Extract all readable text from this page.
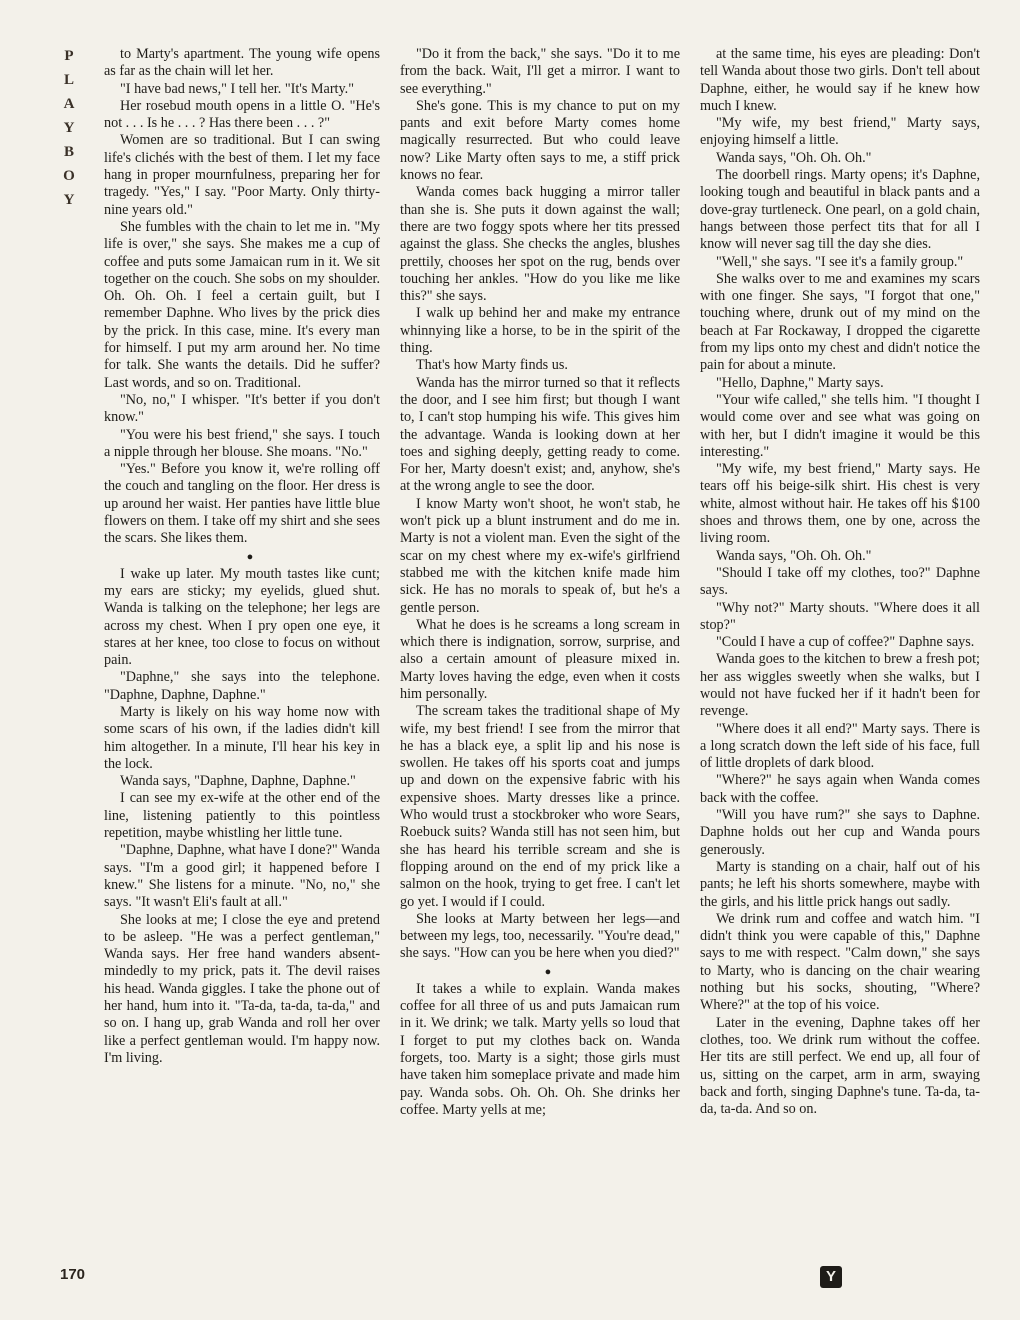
P
L
A
Y
B
O
Y

to Marty's apartment. The young wife opens as far as the chain will let her.

"I have bad news," I tell her. "It's Marty."

Her rosebud mouth opens in a little O. "He's not . . . Is he . . . ? Has there been . . . ?"

Women are so traditional. But I can swing life's clichés with the best of them. I let my face hang in proper mournfulness, preparing her for tragedy. "Yes," I say. "Poor Marty. Only thirty-nine years old."

She fumbles with the chain to let me in. "My life is over," she says. She makes me a cup of coffee and puts some Jamaican rum in it. We sit together on the couch. She sobs on my shoulder. Oh. Oh. Oh. I feel a certain guilt, but I remember Daphne. Who lives by the prick dies by the prick. In this case, mine. It's every man for himself. I put my arm around her. No time for talk. She wants the details. Did he suffer? Last words, and so on. Traditional.

"No, no," I whisper. "It's better if you don't know."

"You were his best friend," she says. I touch a nipple through her blouse. She moans. "No."

"Yes." Before you know it, we're rolling off the couch and tangling on the floor. Her dress is up around her waist. Her panties have little blue flowers on them. I take off my shirt and she sees the scars. She likes them.

●

I wake up later. My mouth tastes like cunt; my ears are sticky; my eyelids, glued shut. Wanda is talking on the telephone; her legs are across my chest. When I pry open one eye, it stares at her knee, too close to focus on without pain.

"Daphne," she says into the telephone. "Daphne, Daphne, Daphne."

Marty is likely on his way home now with some scars of his own, if the ladies didn't kill him altogether. In a minute, I'll hear his key in the lock.

Wanda says, "Daphne, Daphne, Daphne."

I can see my ex-wife at the other end of the line, listening patiently to this pointless repetition, maybe whistling her little tune.

"Daphne, Daphne, what have I done?" Wanda says. "I'm a good girl; it happened before I knew." She listens for a minute. "No, no," she says. "It wasn't Eli's fault at all."

She looks at me; I close the eye and pretend to be asleep. "He was a perfect gentleman," Wanda says. Her free hand wanders absent-mindedly to my prick, pats it. The devil raises his head. Wanda giggles. I take the phone out of her hand, hum into it. "Ta-da, ta-da, ta-da," and so on. I hang up, grab Wanda and roll her over like a perfect gentleman would. I'm happy now. I'm living.

"Do it from the back," she says. "Do it to me from the back. Wait, I'll get a mirror. I want to see everything."

She's gone. This is my chance to put on my pants and exit before Marty comes home magically resurrected. But who could leave now? Like Marty often says to me, a stiff prick knows no fear.

Wanda comes back hugging a mirror taller than she is. She puts it down against the wall; there are two foggy spots where her tits pressed against the glass. She checks the angles, blushes prettily, chooses her spot on the rug, bends over touching her ankles. "How do you like me like this?" she says.

I walk up behind her and make my entrance whinnying like a horse, to be in the spirit of the thing.

That's how Marty finds us.

Wanda has the mirror turned so that it reflects the door, and I see him first; but though I want to, I can't stop humping his wife. This gives him the advantage. Wanda is looking down at her toes and sighing deeply, getting ready to come. For her, Marty doesn't exist; and, anyhow, she's at the wrong angle to see the door.

I know Marty won't shoot, he won't stab, he won't pick up a blunt instrument and do me in. Marty is not a violent man. Even the sight of the scar on my chest where my ex-wife's girlfriend stabbed me with the kitchen knife made him sick. He has no morals to speak of, but he's a gentle person.

What he does is he screams a long scream in which there is indignation, sorrow, surprise, and also a certain amount of pleasure mixed in. Marty loves having the edge, even when it costs him personally.

The scream takes the traditional shape of My wife, my best friend! I see from the mirror that he has a black eye, a split lip and his nose is swollen. He takes off his sports coat and jumps up and down on the expensive fabric with his expensive shoes. Marty dresses like a prince. Who would trust a stockbroker who wore Sears, Roebuck suits? Wanda still has not seen him, but she has heard his terrible scream and she is flopping around on the end of my prick like a salmon on the hook, trying to get free. I can't let go yet. I would if I could.

She looks at Marty between her legs—and between my legs, too, necessarily. "You're dead," she says. "How can you be here when you died?"

●

It takes a while to explain. Wanda makes coffee for all three of us and puts Jamaican rum in it. We drink; we talk. Marty yells so loud that I forget to put my clothes back on. Wanda forgets, too. Marty is a sight; those girls must have taken him someplace private and made him pay. Wanda sobs. Oh. Oh. Oh. She drinks her coffee. Marty yells at me;

at the same time, his eyes are pleading: Don't tell Wanda about those two girls. Don't tell about Daphne, either, he would say if he knew how much I knew.

"My wife, my best friend," Marty says, enjoying himself a little.

Wanda says, "Oh. Oh. Oh."

The doorbell rings. Marty opens; it's Daphne, looking tough and beautiful in black pants and a dove-gray turtleneck. One pearl, on a gold chain, hangs between those perfect tits that for all I know will never sag till the day she dies.

"Well," she says. "I see it's a family group."

She walks over to me and examines my scars with one finger. She says, "I forgot that one," touching where, drunk out of my mind on the beach at Far Rockaway, I dropped the cigarette from my lips onto my chest and didn't notice the pain for about a minute.

"Hello, Daphne," Marty says.

"Your wife called," she tells him. "I thought I would come over and see what was going on with her, but I didn't imagine it would be this interesting."

"My wife, my best friend," Marty says. He tears off his beige-silk shirt. His chest is very white, almost without hair. He takes off his $100 shoes and throws them, one by one, across the living room.

Wanda says, "Oh. Oh. Oh."

"Should I take off my clothes, too?" Daphne says.

"Why not?" Marty shouts. "Where does it all stop?"

"Could I have a cup of coffee?" Daphne says.

Wanda goes to the kitchen to brew a fresh pot; her ass wiggles sweetly when she walks, but I would not have fucked her if it hadn't been for revenge.

"Where does it all end?" Marty says. There is a long scratch down the left side of his face, full of little droplets of dark blood.

"Where?" he says again when Wanda comes back with the coffee.

"Will you have rum?" she says to Daphne. Daphne holds out her cup and Wanda pours generously.

Marty is standing on a chair, half out of his pants; he left his shorts somewhere, maybe with the girls, and his little prick hangs out sadly.

We drink rum and coffee and watch him. "I didn't think you were capable of this," Daphne says to me with respect. "Calm down," she says to Marty, who is dancing on the chair wearing nothing but his socks, shouting, "Where? Where?" at the top of his voice.

Later in the evening, Daphne takes off her clothes, too. We drink rum without the coffee. Her tits are still perfect. We end up, all four of us, sitting on the carpet, arm in arm, swaying back and forth, singing Daphne's tune. Ta-da, ta-da, ta-da. And so on.

170	Y
